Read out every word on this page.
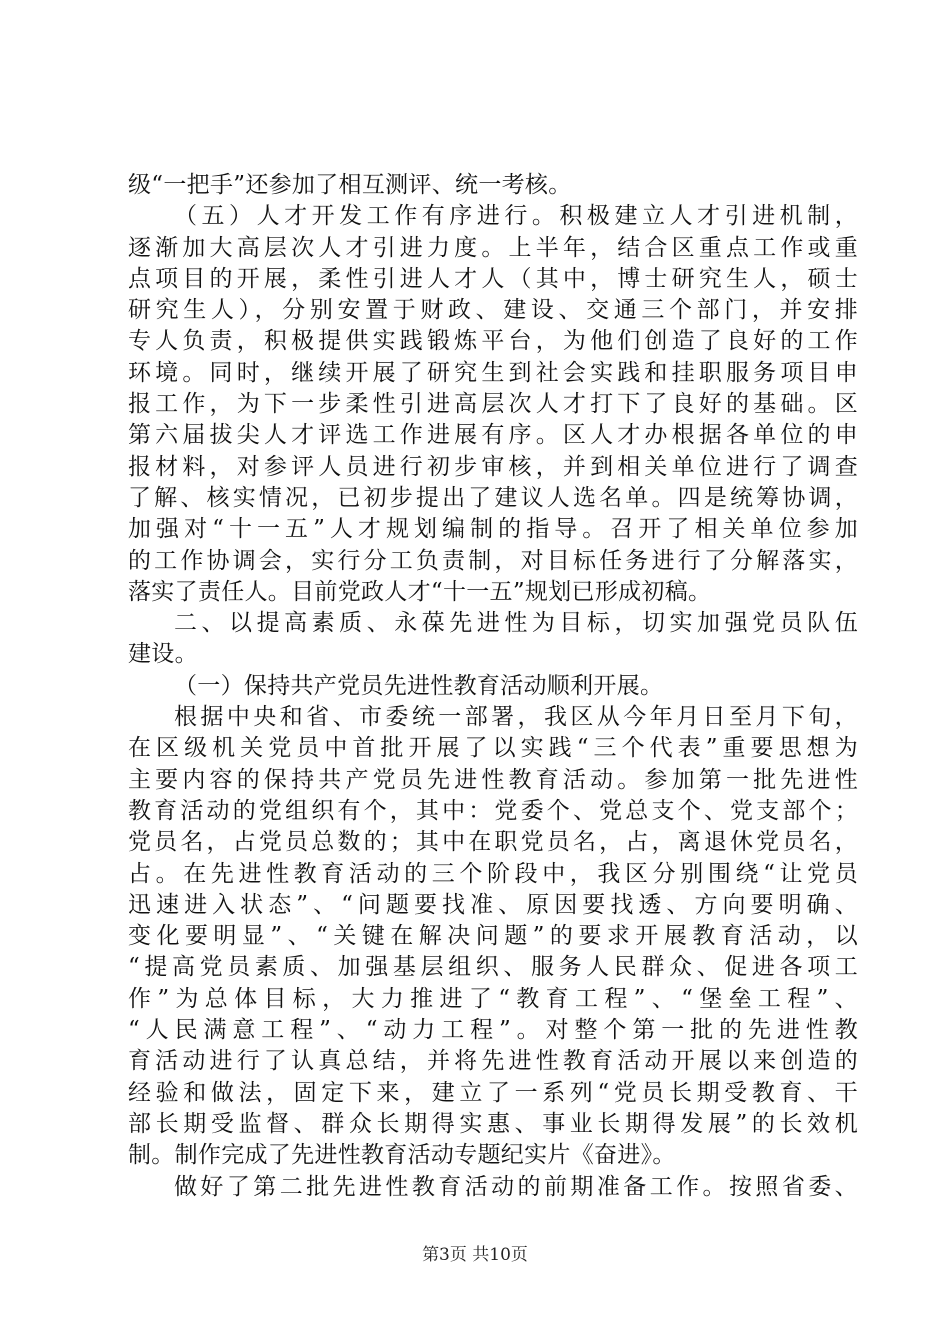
级“一把手”还参加了相互测评、统一考核。
（五）人才开发工作有序进行。积极建立人才引进机制，
逐渐加大高层次人才引进力度。上半年，结合区重点工作或重
点项目的开展，柔性引进人才人（其中，博士研究生人，硕士
研究生人），分别安置于财政、建设、交通三个部门，并安排
专人负责，积极提供实践锻炼平台，为他们创造了良好的工作
环境。同时，继续开展了研究生到社会实践和挂职服务项目申
报工作，为下一步柔性引进高层次人才打下了良好的基础。区
第六届拔尖人才评选工作进展有序。区人才办根据各单位的申
报材料，对参评人员进行初步审核，并到相关单位进行了调查
了解、核实情况，已初步提出了建议人选名单。四是统筹协调，
加强对“十一五”人才规划编制的指导。召开了相关单位参加
的工作协调会，实行分工负责制，对目标任务进行了分解落实，
落实了责任人。目前党政人才“十一五”规划已形成初稿。
二、以提高素质、永葆先进性为目标，切实加强党员队伍
建设。
（一）保持共产党员先进性教育活动顺利开展。
根据中央和省、市委统一部署，我区从今年月日至月下旬，
在区级机关党员中首批开展了以实践“三个代表”重要思想为
主要内容的保持共产党员先进性教育活动。参加第一批先进性
教育活动的党组织有个，其中：党委个、党总支个、党支部个；
党员名，占党员总数的；其中在职党员名，占，离退休党员名，
占。在先进性教育活动的三个阶段中，我区分别围绕“让党员
迅速进入状态”、“问题要找准、原因要找透、方向要明确、
变化要明显”、“关键在解决问题”的要求开展教育活动，以
“提高党员素质、加强基层组织、服务人民群众、促进各项工
作”为总体目标，大力推进了“教育工程”、“堡垒工程”、
“人民满意工程”、“动力工程”。对整个第一批的先进性教
育活动进行了认真总结，并将先进性教育活动开展以来创造的
经验和做法，固定下来，建立了一系列“党员长期受教育、干
部长期受监督、群众长期得实惠、事业长期得发展”的长效机
制。制作完成了先进性教育活动专题纪实片《奋进》。
做好了第二批先进性教育活动的前期准备工作。按照省委、
第3页 共10页
